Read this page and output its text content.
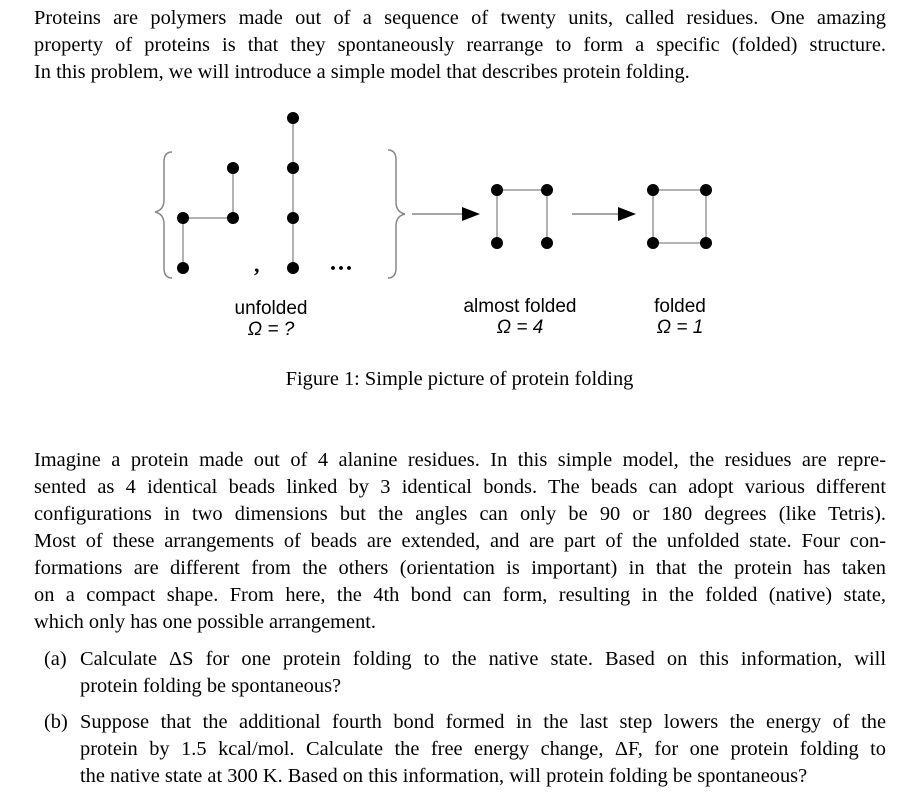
Proteins are polymers made out of a sequence of twenty units, called residues. One amazing
property of proteins is that they spontaneously rearrange to form a specific (folded) structure.
In this problem, we will introduce a simple model that describes protein folding.
,	...
unfolded
Ω = ?
almost folded
Ω = 4
folded
Ω = 1
Figure 1: Simple picture of protein folding
Imagine a protein made out of 4 alanine residues. In this simple model, the residues are repre-
sented as 4 identical beads linked by 3 identical bonds. The beads can adopt various different
configurations in two dimensions but the angles can only be 90 or 180 degrees (like Tetris).
Most of these arrangements of beads are extended, and are part of the unfolded state. Four con-
formations are different from the others (orientation is important) in that the protein has taken
on a compact shape. From here, the 4th bond can form, resulting in the folded (native) state,
which only has one possible arrangement.
(a) Calculate ΔS for one protein folding to the native state. Based on this information, will
protein folding be spontaneous?
(b) Suppose that the additional fourth bond formed in the last step lowers the energy of the
protein by 1.5 kcal/mol. Calculate the free energy change, ΔF, for one protein folding to
the native state at 300 K. Based on this information, will protein folding be spontaneous?
